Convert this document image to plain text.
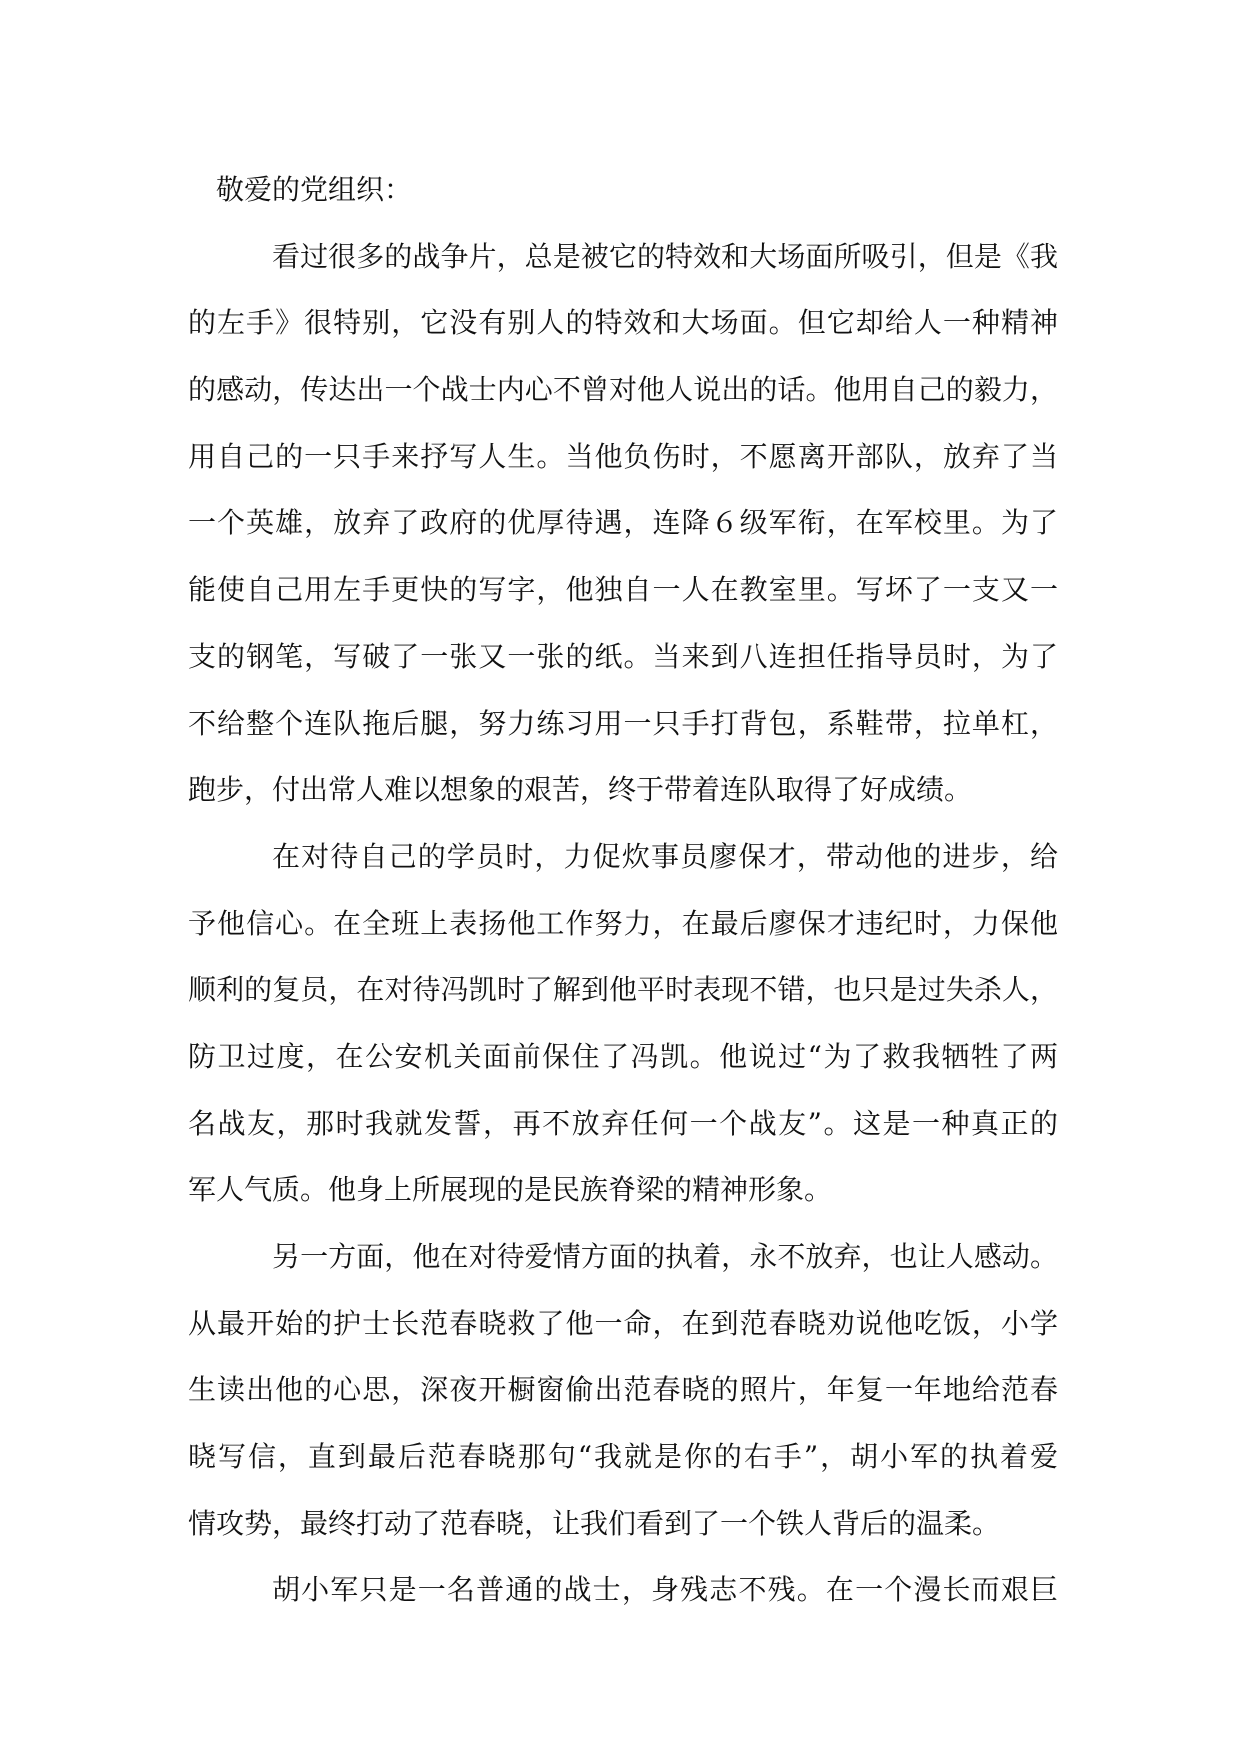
敬爱的党组织：
看过很多的战争片，总是被它的特效和大场面所吸引，但是《我
的左手》很特别，它没有别人的特效和大场面。但它却给人一种精神
的感动，传达出一个战士内心不曾对他人说出的话。他用自己的毅力，
用自己的一只手来抒写人生。当他负伤时，不愿离开部队，放弃了当
一个英雄，放弃了政府的优厚待遇，连降６级军衔，在军校里。为了
能使自己用左手更快的写字，他独自一人在教室里。写坏了一支又一
支的钢笔，写破了一张又一张的纸。当来到八连担任指导员时，为了
不给整个连队拖后腿，努力练习用一只手打背包，系鞋带，拉单杠，
跑步，付出常人难以想象的艰苦，终于带着连队取得了好成绩。
在对待自己的学员时，力促炊事员廖保才，带动他的进步，给
予他信心。在全班上表扬他工作努力，在最后廖保才违纪时，力保他
顺利的复员，在对待冯凯时了解到他平时表现不错，也只是过失杀人，
防卫过度，在公安机关面前保住了冯凯。他说过“为了救我牺牲了两
名战友，那时我就发誓，再不放弃任何一个战友”。这是一种真正的
军人气质。他身上所展现的是民族脊梁的精神形象。
另一方面，他在对待爱情方面的执着，永不放弃，也让人感动。
从最开始的护士长范春晓救了他一命，在到范春晓劝说他吃饭，小学
生读出他的心思，深夜开橱窗偷出范春晓的照片，年复一年地给范春
晓写信，直到最后范春晓那句“我就是你的右手”，胡小军的执着爱
情攻势，最终打动了范春晓，让我们看到了一个铁人背后的温柔。
胡小军只是一名普通的战士，身残志不残。在一个漫长而艰巨
